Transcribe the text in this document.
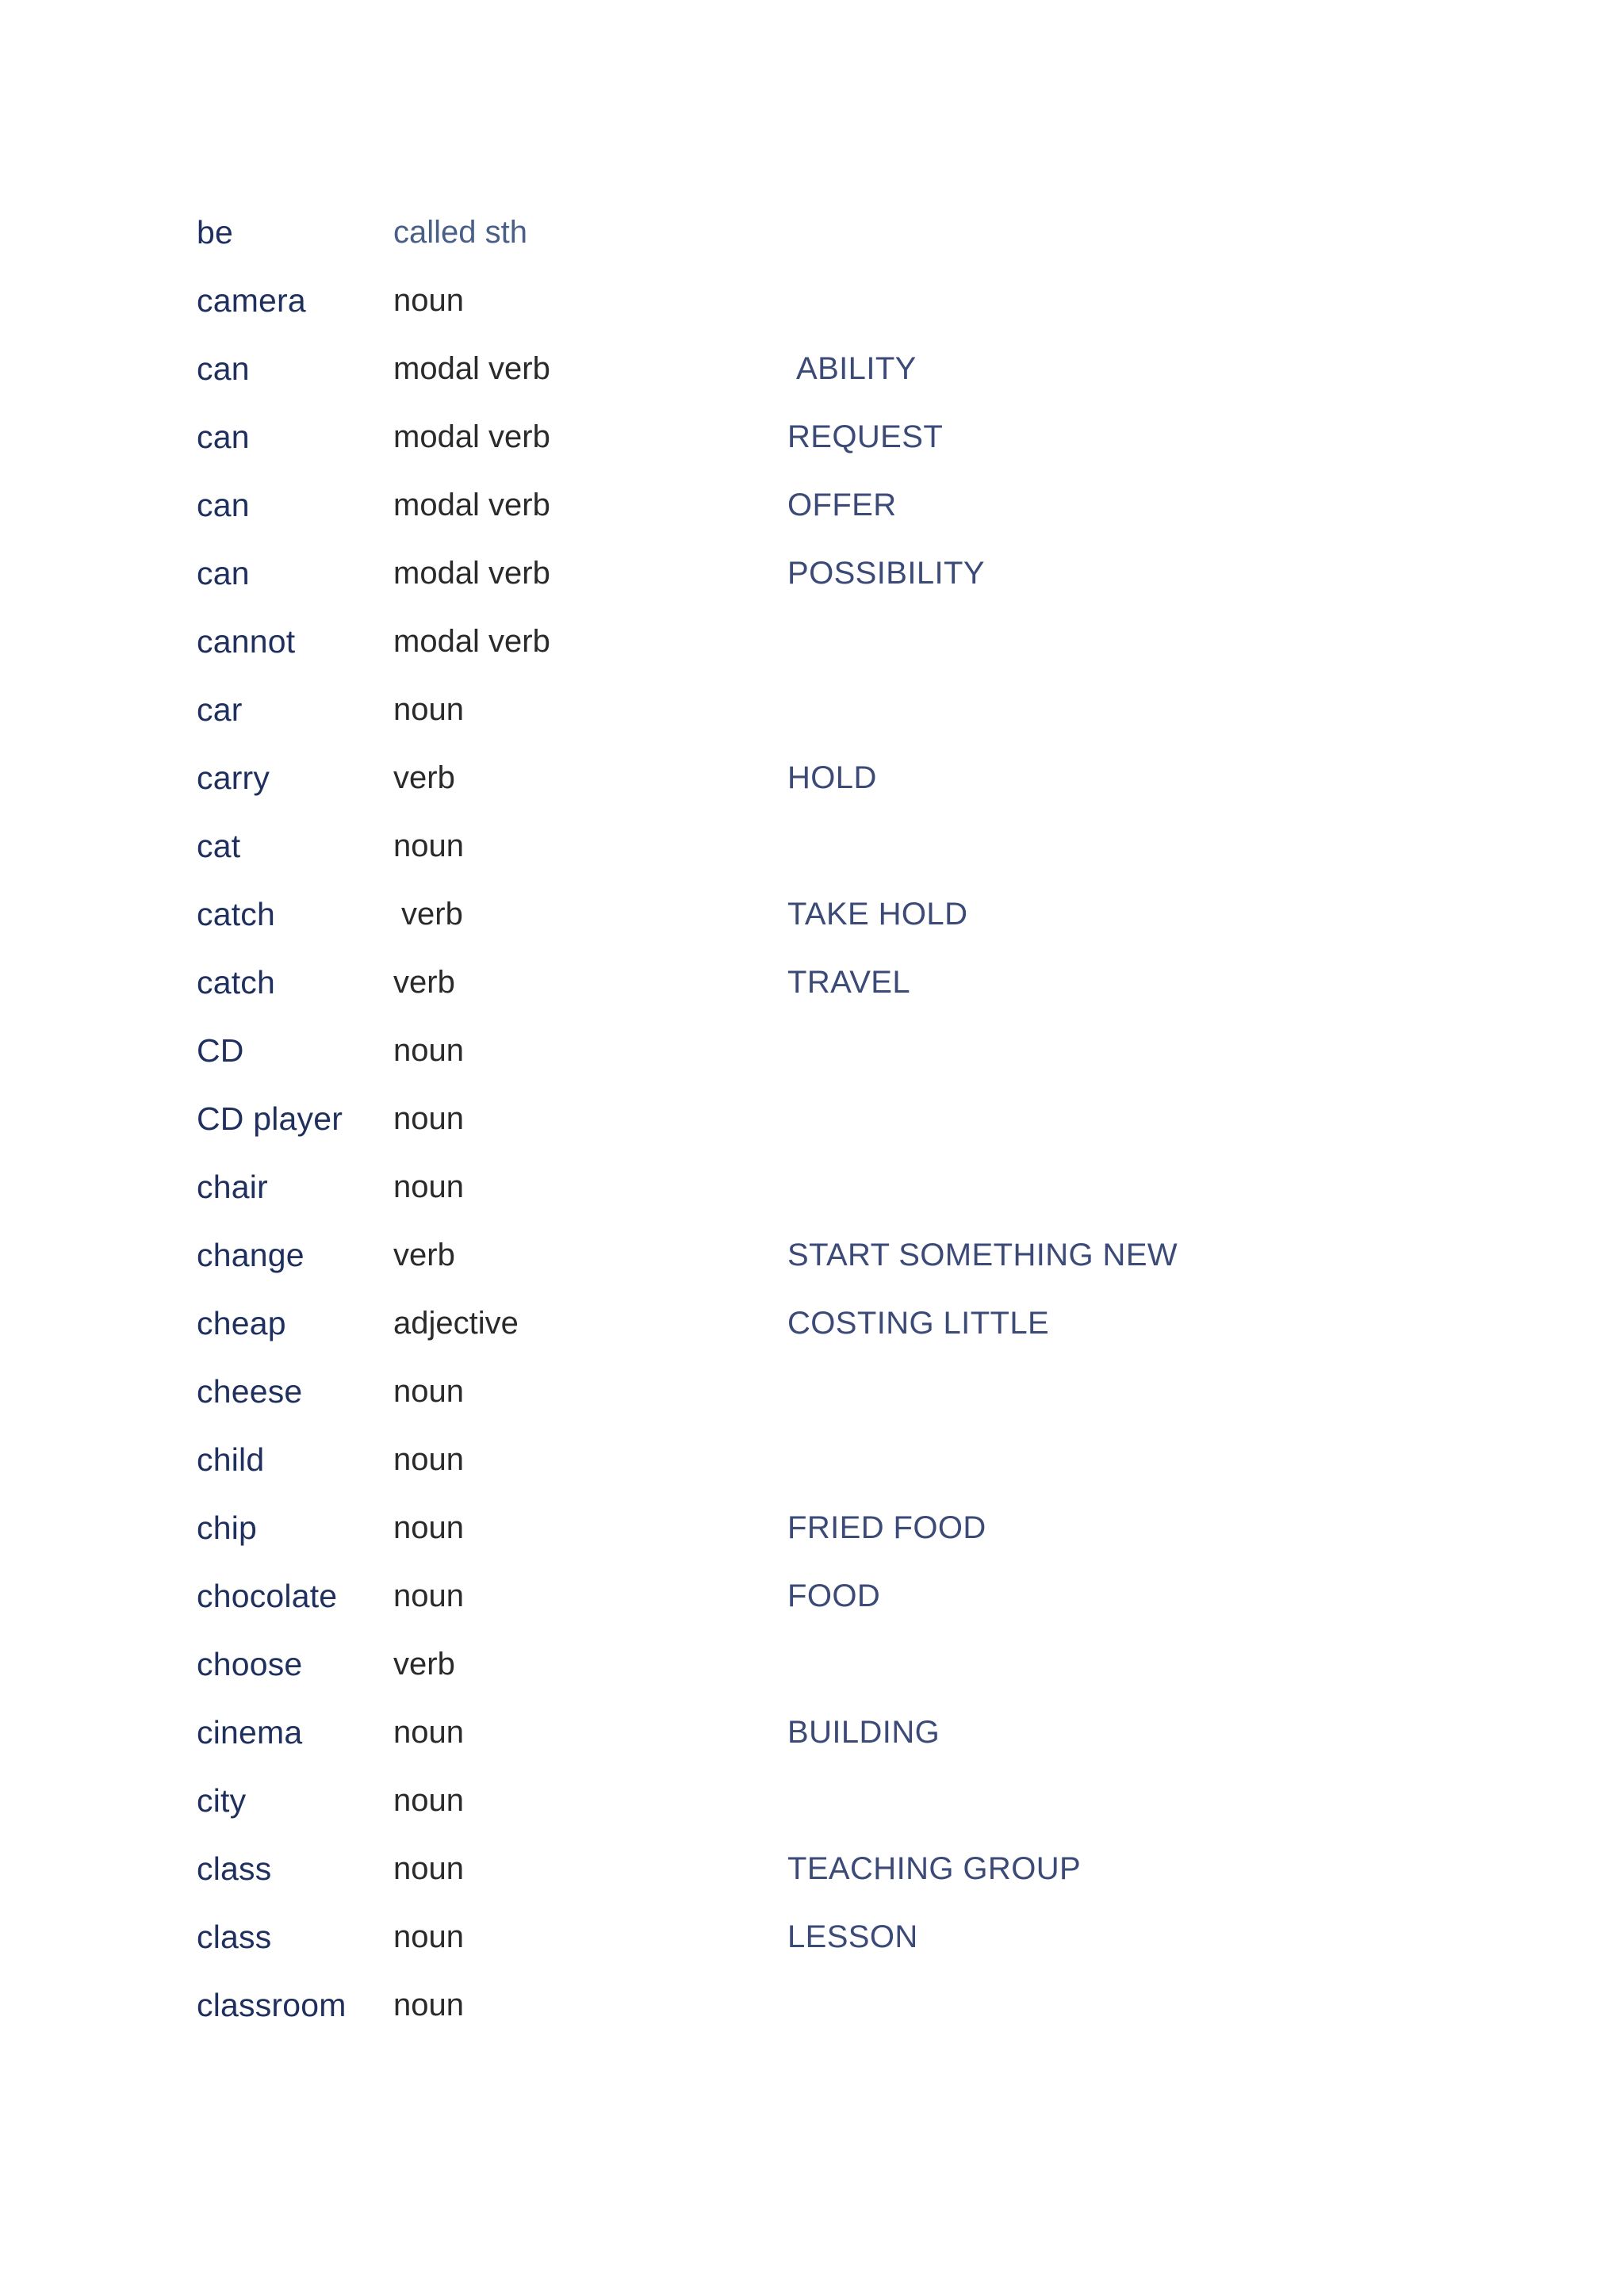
be	called sth
camera	noun
can	modal verb	ABILITY
can	modal verb	REQUEST
can	modal verb	OFFER
can	modal verb	POSSIBILITY
cannot	modal verb
car	noun
carry	verb	HOLD
cat	noun
catch	verb	TAKE HOLD
catch	verb	TRAVEL
CD	noun
CD player noun
chair	noun
change	verb	START SOMETHING NEW
cheap	adjective	COSTING LITTLE
cheese	noun
child	noun
chip	noun	FRIED FOOD
chocolate noun	FOOD
choose	verb
cinema	noun	BUILDING
city	noun
class	noun	TEACHING GROUP
class	noun	LESSON
classroom noun
